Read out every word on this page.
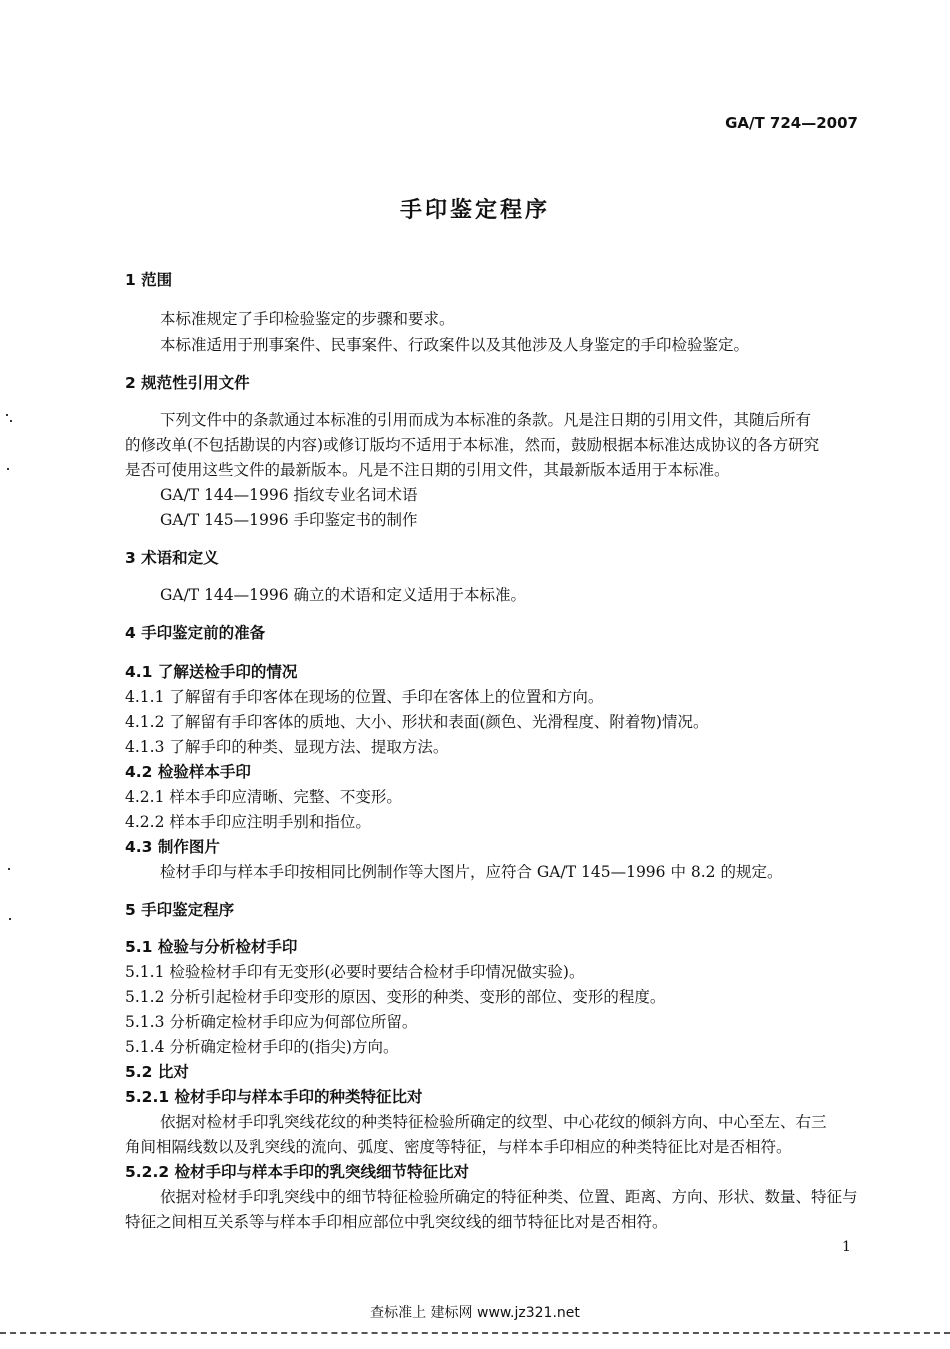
GA/T 724—2007
手印鉴定程序
1 范围
本标准规定了手印检验鉴定的步骤和要求。
本标准适用于刑事案件、民事案件、行政案件以及其他涉及人身鉴定的手印检验鉴定。
2 规范性引用文件
下列文件中的条款通过本标准的引用而成为本标准的条款。凡是注日期的引用文件，其随后所有
的修改单(不包括勘误的内容)或修订版均不适用于本标准，然而，鼓励根据本标准达成协议的各方研究
是否可使用这些文件的最新版本。凡是不注日期的引用文件，其最新版本适用于本标准。
GA/T 144—1996 指纹专业名词术语
GA/T 145—1996 手印鉴定书的制作
3 术语和定义
GA/T 144—1996 确立的术语和定义适用于本标准。
4 手印鉴定前的准备
4.1 了解送检手印的情况
4.1.1 了解留有手印客体在现场的位置、手印在客体上的位置和方向。
4.1.2 了解留有手印客体的质地、大小、形状和表面(颜色、光滑程度、附着物)情况。
4.1.3 了解手印的种类、显现方法、提取方法。
4.2 检验样本手印
4.2.1 样本手印应清晰、完整、不变形。
4.2.2 样本手印应注明手别和指位。
4.3 制作图片
检材手印与样本手印按相同比例制作等大图片，应符合 GA/T 145—1996 中 8.2 的规定。
5 手印鉴定程序
5.1 检验与分析检材手印
5.1.1 检验检材手印有无变形(必要时要结合检材手印情况做实验)。
5.1.2 分析引起检材手印变形的原因、变形的种类、变形的部位、变形的程度。
5.1.3 分析确定检材手印应为何部位所留。
5.1.4 分析确定检材手印的(指尖)方向。
5.2 比对
5.2.1 检材手印与样本手印的种类特征比对
依据对检材手印乳突线花纹的种类特征检验所确定的纹型、中心花纹的倾斜方向、中心至左、右三
角间相隔线数以及乳突线的流向、弧度、密度等特征，与样本手印相应的种类特征比对是否相符。
5.2.2 检材手印与样本手印的乳突线细节特征比对
依据对检材手印乳突线中的细节特征检验所确定的特征种类、位置、距离、方向、形状、数量、特征与
特征之间相互关系等与样本手印相应部位中乳突纹线的细节特征比对是否相符。
1
查标准上 建标网 www.jz321.net
